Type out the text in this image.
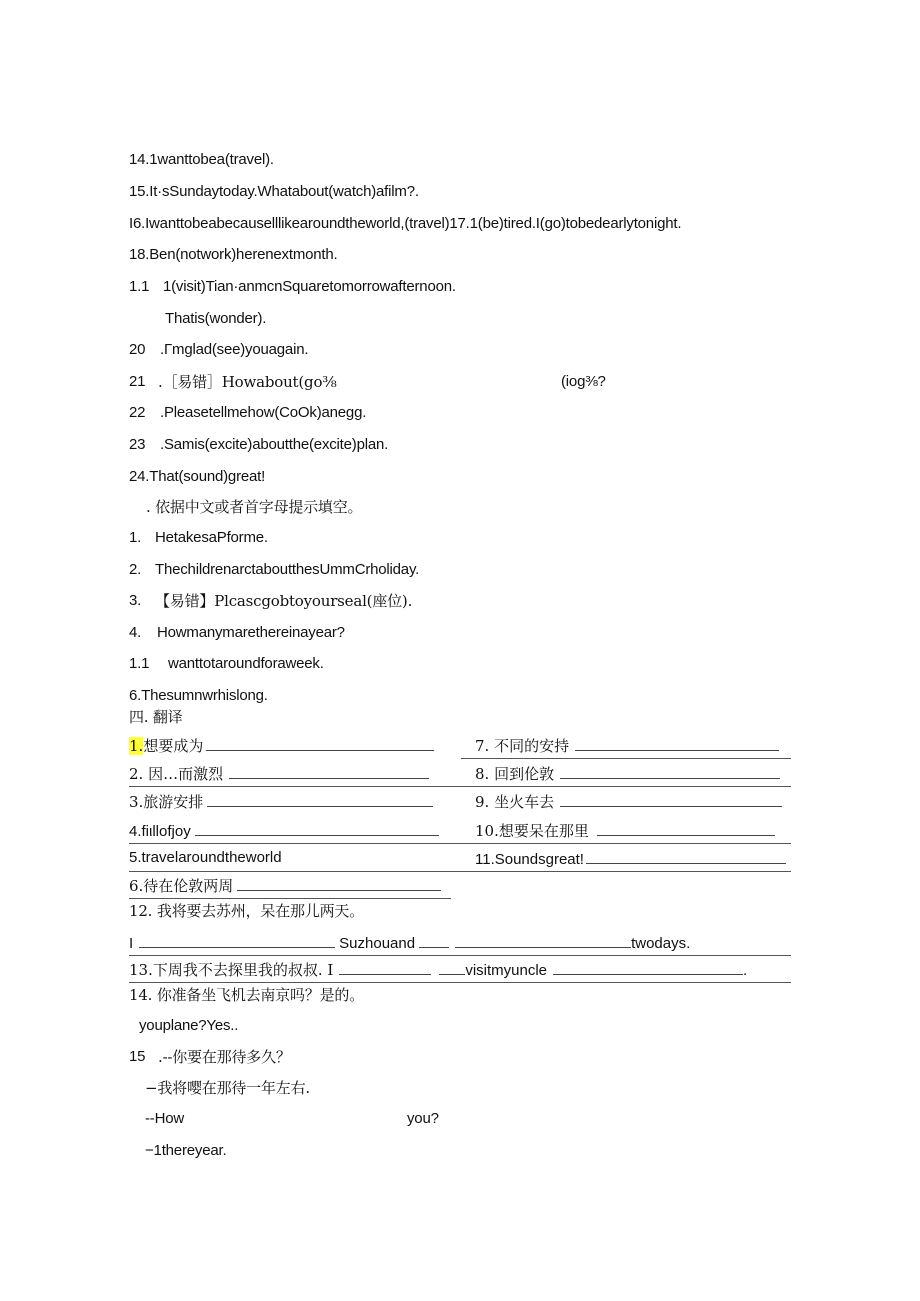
14.1wanttobea(travel).
15.It·sSundaytoday.Whatabout(watch)afilm?.
I6.Iwanttobeabecauselllikearoundtheworld,(travel)17.1(be)tired.I(go)tobedearlytonight.
18.Ben(notwork)herenextmonth.
1.1 1(visit)Tian·anmcnSquaretomorrowafternoon.
Thatis(wonder).
20 .Γmglad(see)youagain.
21 .［易错］Howabout(go⅜	(iog⅜?
22 .Pleasetellmehow(CoOk)anegg.
23 .Samis(excite)aboutthe(excite)plan.
24.That(sound)great!
. 依据中文或者首字母提示填空。
1. HetakesaPforme.
2. ThechildrenarctaboutthesUmmCrholiday.
3. 【易错】Plcascgobtoyourseal(座位).
4. Howmanymarethereinayear?
1.1 wanttotaroundforaweek.
6.Thesumnwrhislong.
四. 翻译
1.想要成为	7. 不同的安持
2. 因…而激烈	8. 回到伦敦
3.旅游安排	9. 坐火车去
4.fiιllofjoy	10.想要呆在那里
5.travelaroundtheworld	11.Soundsgreat!
6.待在伦敦两周
12. 我将要去苏州，呆在那儿两天。
I	Suzhouand	twodays.
13.下周我不去探里我的叔叔. I	visitmyuncle	.
14. 你准备坐飞机去南京吗？是的。
youplane?Yes..
15 .--你要在那待多久？
−我将嘤在那待一年左右.
--How	you?
−1thereyear.
